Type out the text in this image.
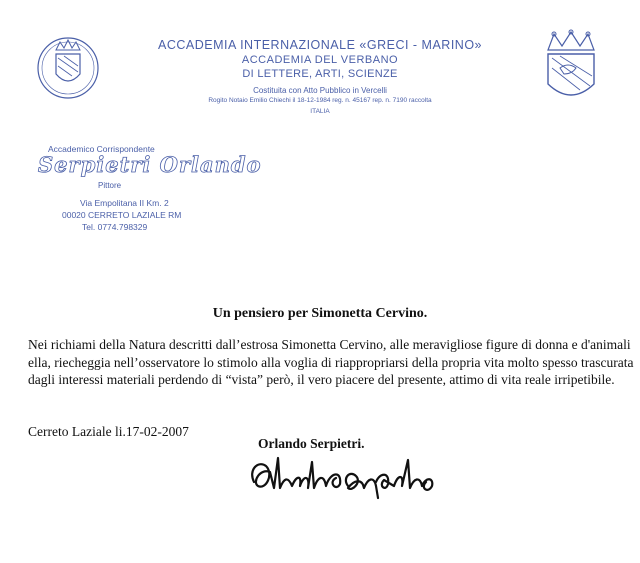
ACCADEMIA INTERNAZIONALE «GRECI - MARINO»
ACCADEMIA DEL VERBANO
DI LETTERE, ARTI, SCIENZE
Costituita con Atto Pubblico in Vercelli
Rogito Notaio Emilio Chiechi il 18-12-1984 reg. n. 45167 rep. n. 7190 raccolta
ITALIA
Accademico Corrispondente
Serpietri Orlando
Pittore
Via Empolitana II Km. 2
00020 CERRETO LAZIALE RM
Tel. 0774.798329
Un pensiero per Simonetta Cervino.
Nei richiami della Natura descritti dall’estrosa Simonetta Cervino, alle meravigliose figure di donna e d'animali ella, riecheggia nell’osservatore lo stimolo alla voglia di riappropriarsi della propria vita molto spesso trascurata dagli interessi materiali perdendo di “vista” però, il vero piacere del presente, attimo di vita reale irripetibile.
Cerreto Laziale li.17-02-2007
Orlando Serpietri.
